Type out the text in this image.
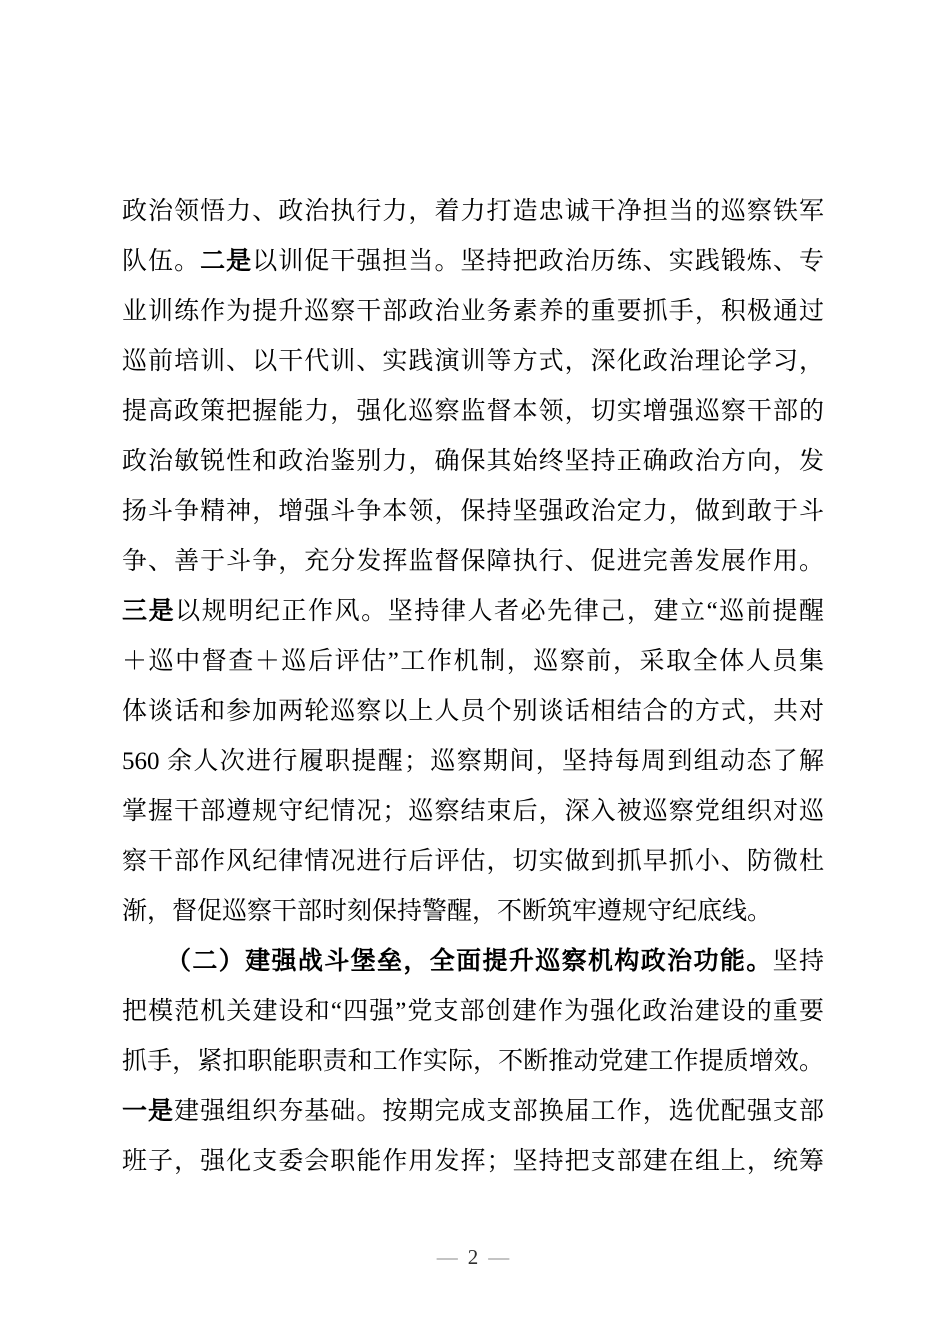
政治领悟力、政治执行力，着力打造忠诚干净担当的巡察铁军
队伍。二是以训促干强担当。坚持把政治历练、实践锻炼、专
业训练作为提升巡察干部政治业务素养的重要抓手，积极通过
巡前培训、以干代训、实践演训等方式，深化政治理论学习，
提高政策把握能力，强化巡察监督本领，切实增强巡察干部的
政治敏锐性和政治鉴别力，确保其始终坚持正确政治方向，发
扬斗争精神，增强斗争本领，保持坚强政治定力，做到敢于斗
争、善于斗争，充分发挥监督保障执行、促进完善发展作用。
三是以规明纪正作风。坚持律人者必先律己，建立“巡前提醒
＋巡中督查＋巡后评估”工作机制，巡察前，采取全体人员集
体谈话和参加两轮巡察以上人员个别谈话相结合的方式，共对
560 余人次进行履职提醒；巡察期间，坚持每周到组动态了解
掌握干部遵规守纪情况；巡察结束后，深入被巡察党组织对巡
察干部作风纪律情况进行后评估，切实做到抓早抓小、防微杜
渐，督促巡察干部时刻保持警醒，不断筑牢遵规守纪底线。
（二）建强战斗堡垒，全面提升巡察机构政治功能。坚持
把模范机关建设和“四强”党支部创建作为强化政治建设的重要
抓手，紧扣职能职责和工作实际，不断推动党建工作提质增效。
一是建强组织夯基础。按期完成支部换届工作，选优配强支部
班子，强化支委会职能作用发挥；坚持把支部建在组上，统筹
— 2 —
